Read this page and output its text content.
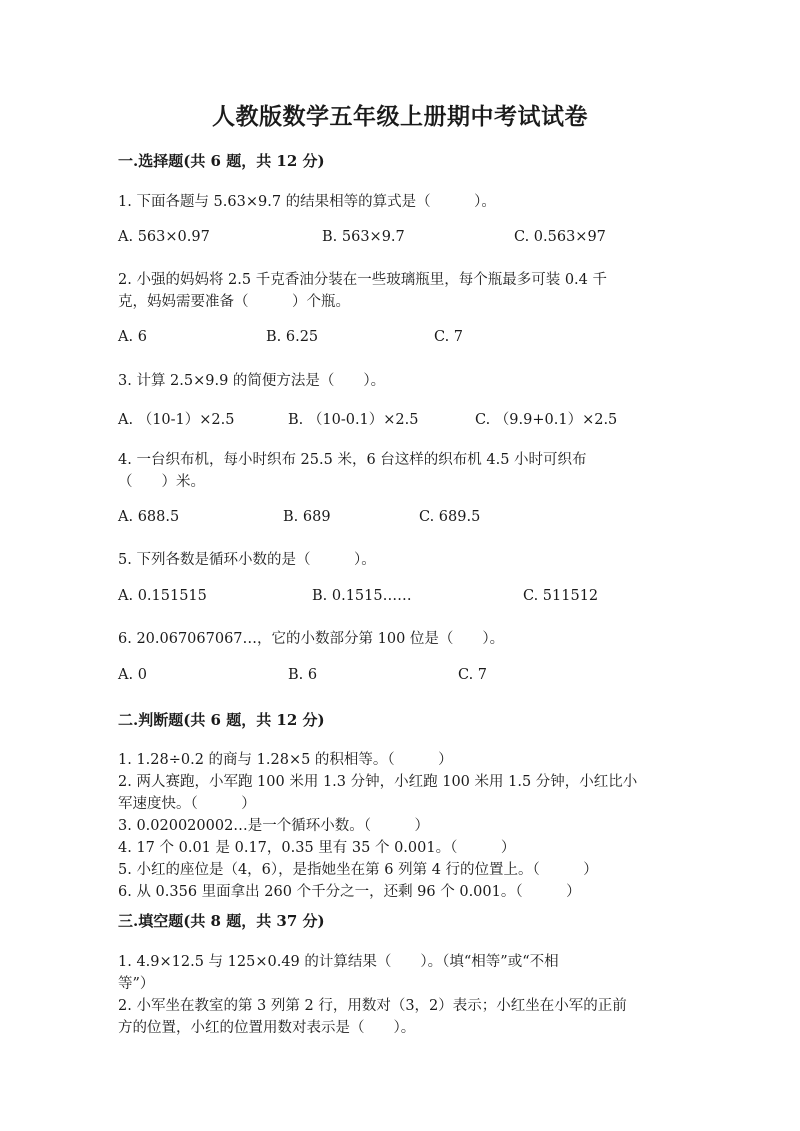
人教版数学五年级上册期中考试试卷
一.选择题(共 6 题，共 12 分)
1. 下面各题与 5.63×9.7 的结果相等的算式是（　　　）。
A. 563×0.97	B. 563×9.7	C. 0.563×97
2. 小强的妈妈将 2.5 千克香油分装在一些玻璃瓶里，每个瓶最多可装 0.4 千
克，妈妈需要准备（　　　）个瓶。
A. 6	B. 6.25	C. 7
3. 计算 2.5×9.9 的简便方法是（　　）。
A. （10-1）×2.5	B. （10-0.1）×2.5	C. （9.9+0.1）×2.5
4. 一台织布机，每小时织布 25.5 米，6 台这样的织布机 4.5 小时可织布
（　　）米。
A. 688.5	B. 689	C. 689.5
5. 下列各数是循环小数的是（　　　）。
A. 0.151515	B. 0.1515……	C. 511512
6. 20.067067067…，它的小数部分第 100 位是（　　）。
A. 0	B. 6	C. 7
二.判断题(共 6 题，共 12 分)
1. 1.28÷0.2 的商与 1.28×5 的积相等。（　　　）
2. 两人赛跑，小军跑 100 米用 1.3 分钟，小红跑 100 米用 1.5 分钟，小红比小
军速度快。（　　　）
3. 0.020020002…是一个循环小数。（　　　）
4. 17 个 0.01 是 0.17，0.35 里有 35 个 0.001。（　　　）
5. 小红的座位是（4，6），是指她坐在第 6 列第 4 行的位置上。（　　　）
6. 从 0.356 里面拿出 260 个千分之一，还剩 96 个 0.001。（　　　）
三.填空题(共 8 题，共 37 分)
1. 4.9×12.5 与 125×0.49 的计算结果（　　）。（填“相等”或“不相
等”）
2. 小军坐在教室的第 3 列第 2 行，用数对（3，2）表示；小红坐在小军的正前
方的位置，小红的位置用数对表示是（　　）。
